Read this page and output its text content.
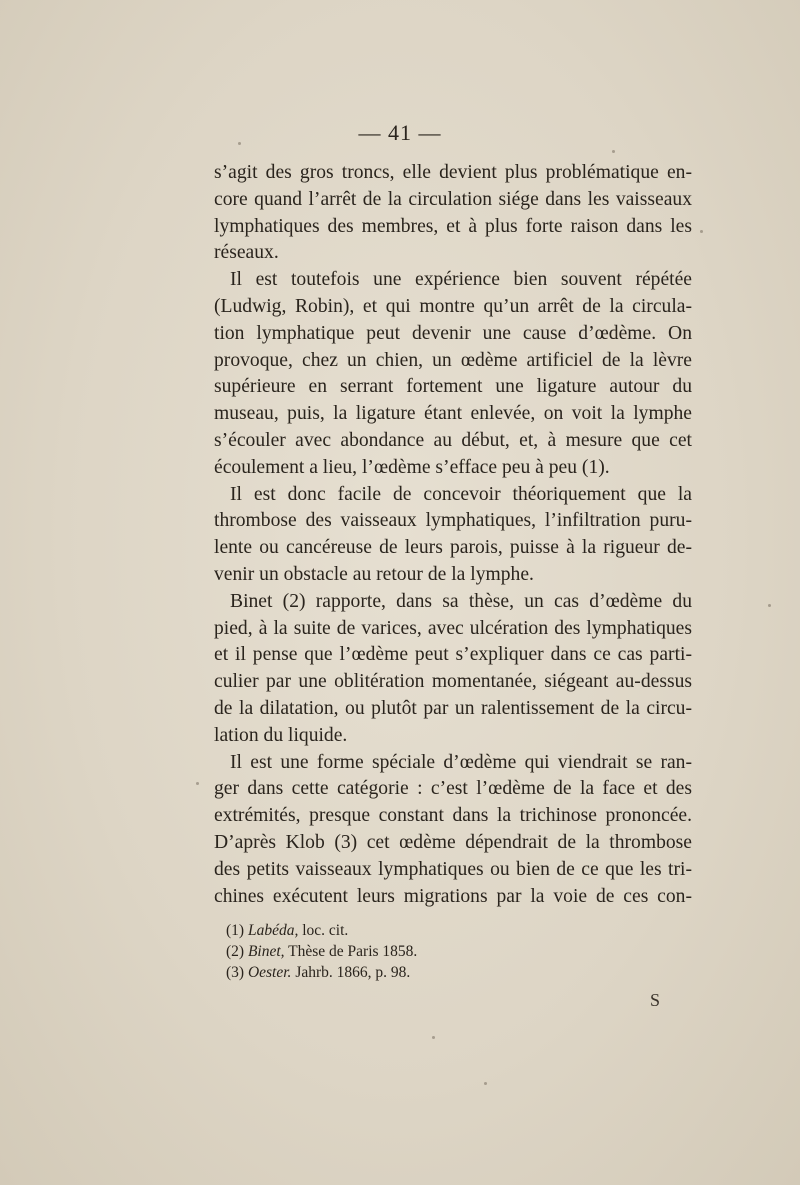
— 41 —
s’agit des gros troncs, elle devient plus problématique en-
core quand l’arrêt de la circulation siége dans les vaisseaux
lymphatiques des membres, et à plus forte raison dans les
réseaux.
Il est toutefois une expérience bien souvent répétée
(Ludwig, Robin), et qui montre qu’un arrêt de la circula-
tion lymphatique peut devenir une cause d’œdème. On
provoque, chez un chien, un œdème artificiel de la lèvre
supérieure en serrant fortement une ligature autour du
museau, puis, la ligature étant enlevée, on voit la lymphe
s’écouler avec abondance au début, et, à mesure que cet
écoulement a lieu, l’œdème s’efface peu à peu (1).
Il est donc facile de concevoir théoriquement que la
thrombose des vaisseaux lymphatiques, l’infiltration puru-
lente ou cancéreuse de leurs parois, puisse à la rigueur de-
venir un obstacle au retour de la lymphe.
Binet (2) rapporte, dans sa thèse, un cas d’œdème du
pied, à la suite de varices, avec ulcération des lymphatiques
et il pense que l’œdème peut s’expliquer dans ce cas parti-
culier par une oblitération momentanée, siégeant au-dessus
de la dilatation, ou plutôt par un ralentissement de la circu-
lation du liquide.
Il est une forme spéciale d’œdème qui viendrait se ran-
ger dans cette catégorie : c’est l’œdème de la face et des
extrémités, presque constant dans la trichinose prononcée.
D’après Klob (3) cet œdème dépendrait de la thrombose
des petits vaisseaux lymphatiques ou bien de ce que les tri-
chines exécutent leurs migrations par la voie de ces con-
(1) Labéda, loc. cit.
(2) Binet, Thèse de Paris 1858.
(3) Oester. Jahrb. 1866, p. 98.
S
